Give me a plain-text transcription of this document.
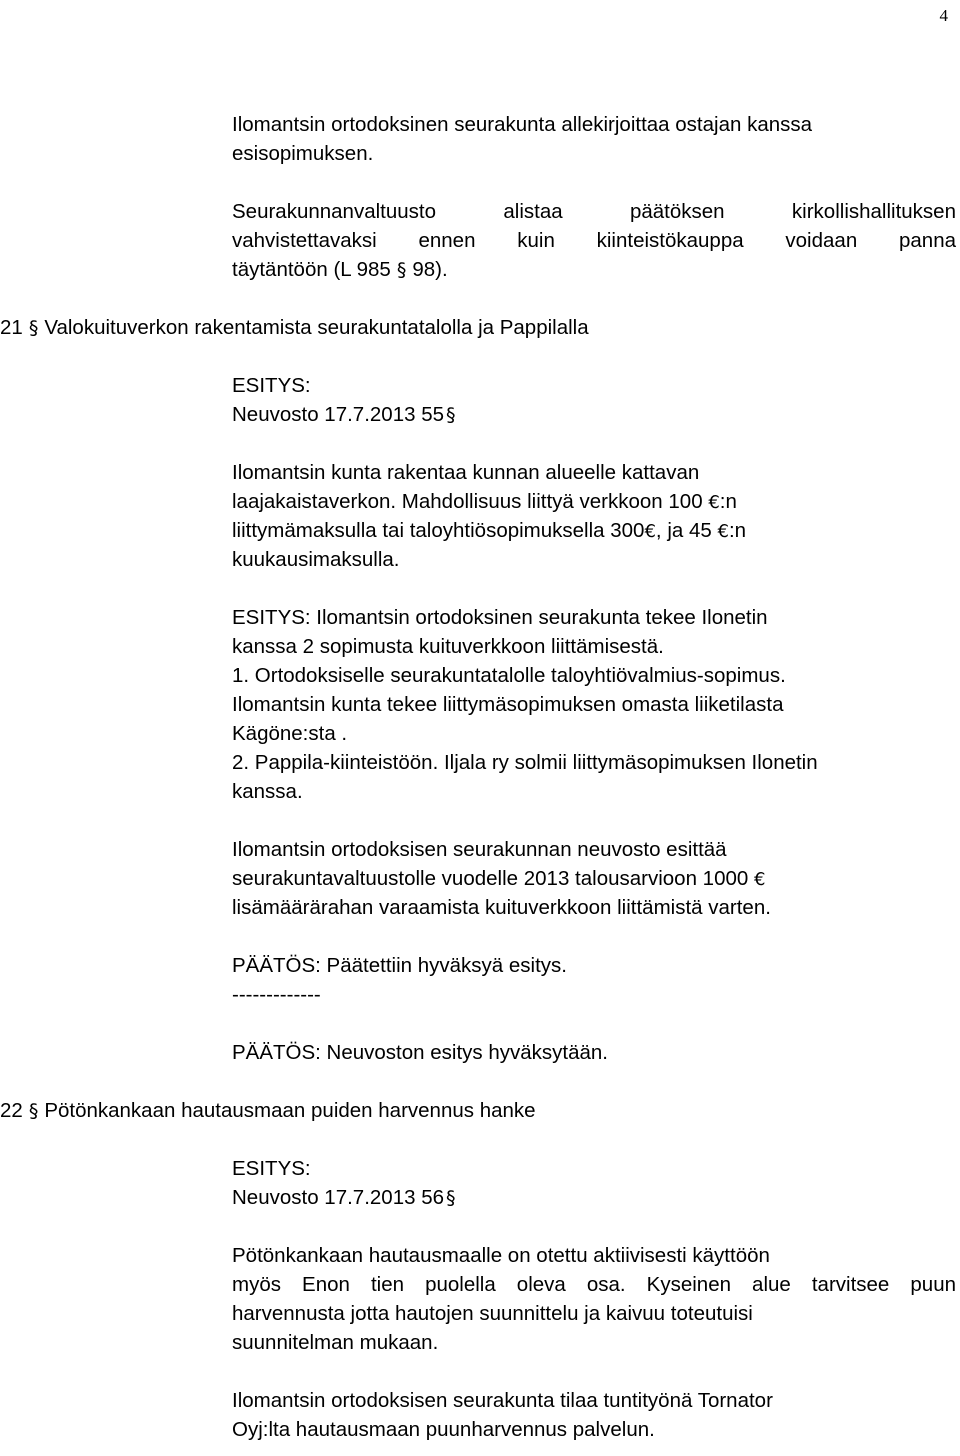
4
Ilomantsin ortodoksinen seurakunta allekirjoittaa ostajan kanssa
esisopimuksen.
Seurakunnanvaltuusto alistaa päätöksen kirkollishallituksen
vahvistettavaksi ennen kuin kiinteistökauppa voidaan panna
täytäntöön (L 985 § 98).
21 § Valokuituverkon rakentamista seurakuntatalolla ja Pappilalla
ESITYS:
Neuvosto 17.7.2013 55 §
Ilomantsin kunta rakentaa kunnan alueelle kattavan
laajakaistaverkon. Mahdollisuus liittyä verkkoon 100 €:n
liittymämaksulla tai taloyhtiösopimuksella 300€, ja 45 €:n
kuukausimaksulla.
ESITYS: Ilomantsin ortodoksinen seurakunta tekee Ilonetin
kanssa 2 sopimusta kuituverkkoon liittämisestä.
1. Ortodoksiselle seurakuntatalolle taloyhtiövalmius-sopimus.
Ilomantsin kunta tekee liittymäsopimuksen omasta liiketilasta
Kägöne:sta .
2. Pappila-kiinteistöön. Iljala ry solmii liittymäsopimuksen Ilonetin
kanssa.
Ilomantsin ortodoksisen seurakunnan neuvosto esittää
seurakuntavaltuustolle vuodelle 2013 talousarvioon 1000 €
lisämäärärahan varaamista kuituverkkoon liittämistä varten.
PÄÄTÖS: Päätettiin hyväksyä esitys.
-------------
PÄÄTÖS: Neuvoston esitys hyväksytään.
22 § Pötönkankaan hautausmaan puiden harvennus hanke
ESITYS:
Neuvosto 17.7.2013 56 §
Pötönkankaan hautausmaalle on otettu aktiivisesti käyttöön
myös Enon tien puolella oleva osa. Kyseinen alue tarvitsee puun
harvennusta jotta hautojen suunnittelu ja kaivuu toteutuisi
suunnitelman mukaan.
Ilomantsin ortodoksisen seurakunta tilaa tuntityönä Tornator
Oyj:lta hautausmaan puunharvennus palvelun.
